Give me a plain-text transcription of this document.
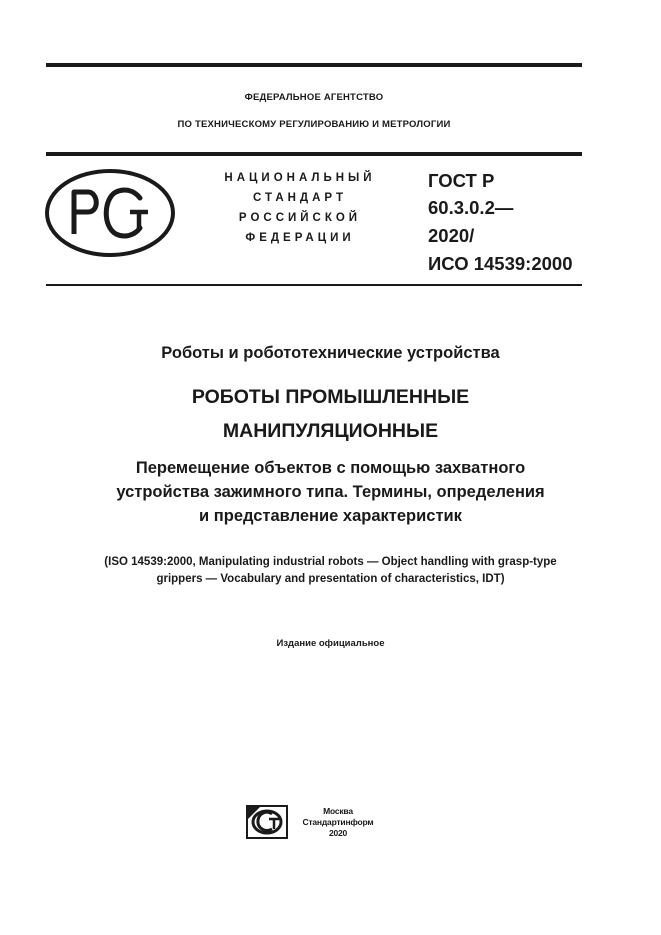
ФЕДЕРАЛЬНОЕ АГЕНТСТВО
ПО ТЕХНИЧЕСКОМУ РЕГУЛИРОВАНИЮ И МЕТРОЛОГИИ
НАЦИОНАЛЬНЫЙ
СТАНДАРТ
РОССИЙСКОЙ
ФЕДЕРАЦИИ
ГОСТ Р
60.3.0.2—
2020/
ИСО 14539:2000
Роботы и робототехнические устройства
РОБОТЫ ПРОМЫШЛЕННЫЕ
МАНИПУЛЯЦИОННЫЕ
Перемещение объектов с помощью захватного
устройства зажимного типа. Термины, определения
и представление характеристик
(ISO 14539:2000, Manipulating industrial robots — Object handling with grasp-type
grippers — Vocabulary and presentation of characteristics, IDT)
Издание официальное
Москва
Стандартинформ
2020
